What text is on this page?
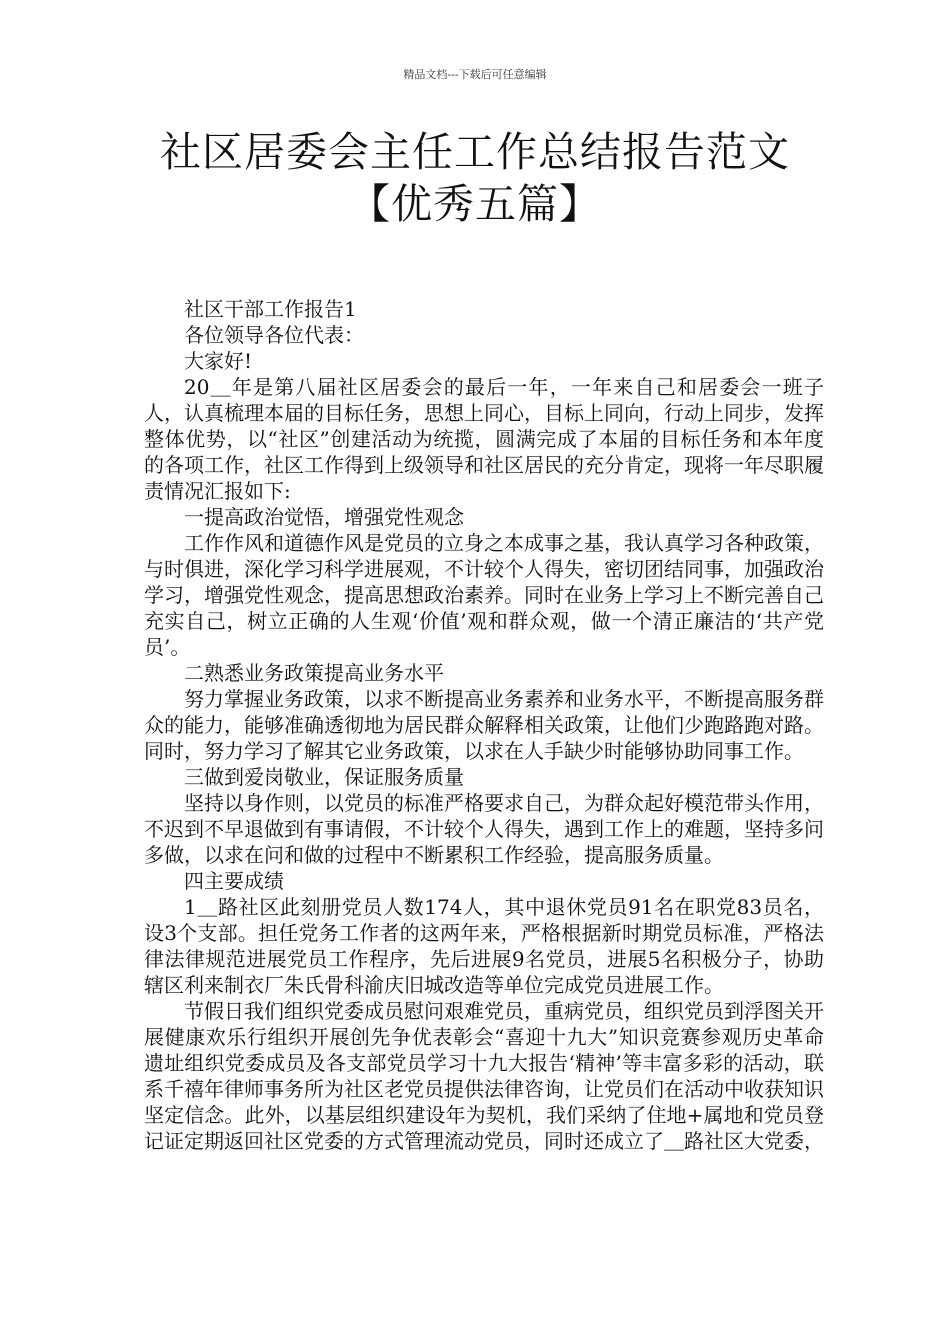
精品文档---下载后可任意编辑
社区居委会主任工作总结报告范文【优秀五篇】

社区干部工作报告1

各位领导各位代表：

大家好!

20＿年是第八届社区居委会的最后一年，一年来自己和居委会一班子人，认真梳理本届的目标任务，思想上同心，目标上同向，行动上同步，发挥整体优势，以“社区”创建活动为统揽，圆满完成了本届的目标任务和本年度的各项工作，社区工作得到上级领导和社区居民的充分肯定，现将一年尽职履责情况汇报如下:

一提高政治觉悟，增强党性观念

工作作风和道德作风是党员的立身之本成事之基，我认真学习各种政策，与时俱进，深化学习科学进展观，不计较个人得失，密切团结同事，加强政治学习，增强党性观念，提高思想政治素养。同时在业务上学习上不断完善自己充实自己，树立正确的人生观‘价值’观和群众观，做一个清正廉洁的‘共产党员’。

二熟悉业务政策提高业务水平

努力掌握业务政策，以求不断提高业务素养和业务水平，不断提高服务群众的能力，能够准确透彻地为居民群众解释相关政策，让他们少跑路跑对路。同时，努力学习了解其它业务政策，以求在人手缺少时能够协助同事工作。

三做到爱岗敬业，保证服务质量

坚持以身作则，以党员的标准严格要求自己，为群众起好模范带头作用，不迟到不早退做到有事请假，不计较个人得失，遇到工作上的难题，坚持多问多做，以求在问和做的过程中不断累积工作经验，提高服务质量。

四主要成绩

1＿路社区此刻册党员人数174人，其中退休党员91名在职党83员名，设3个支部。担任党务工作者的这两年来，严格根据新时期党员标准，严格法律法律规范进展党员工作程序，先后进展9名党员，进展5名积极分子，协助辖区利来制衣厂朱氏骨科渝庆旧城改造等单位完成党员进展工作。

节假日我们组织党委成员慰问艰难党员，重病党员，组织党员到浮图关开展健康欢乐行组织开展创先争优表彰会“喜迎十九大”知识竞赛参观历史革命遗址组织党委成员及各支部党员学习十九大报告‘精神’等丰富多彩的活动，联系千禧年律师事务所为社区老党员提供法律咨询，让党员们在活动中收获知识坚定信念。此外，以基层组织建设年为契机，我们采纳了住地+属地和党员登记证定期返回社区党委的方式管理流动党员，同时还成立了＿路社区大党委，
